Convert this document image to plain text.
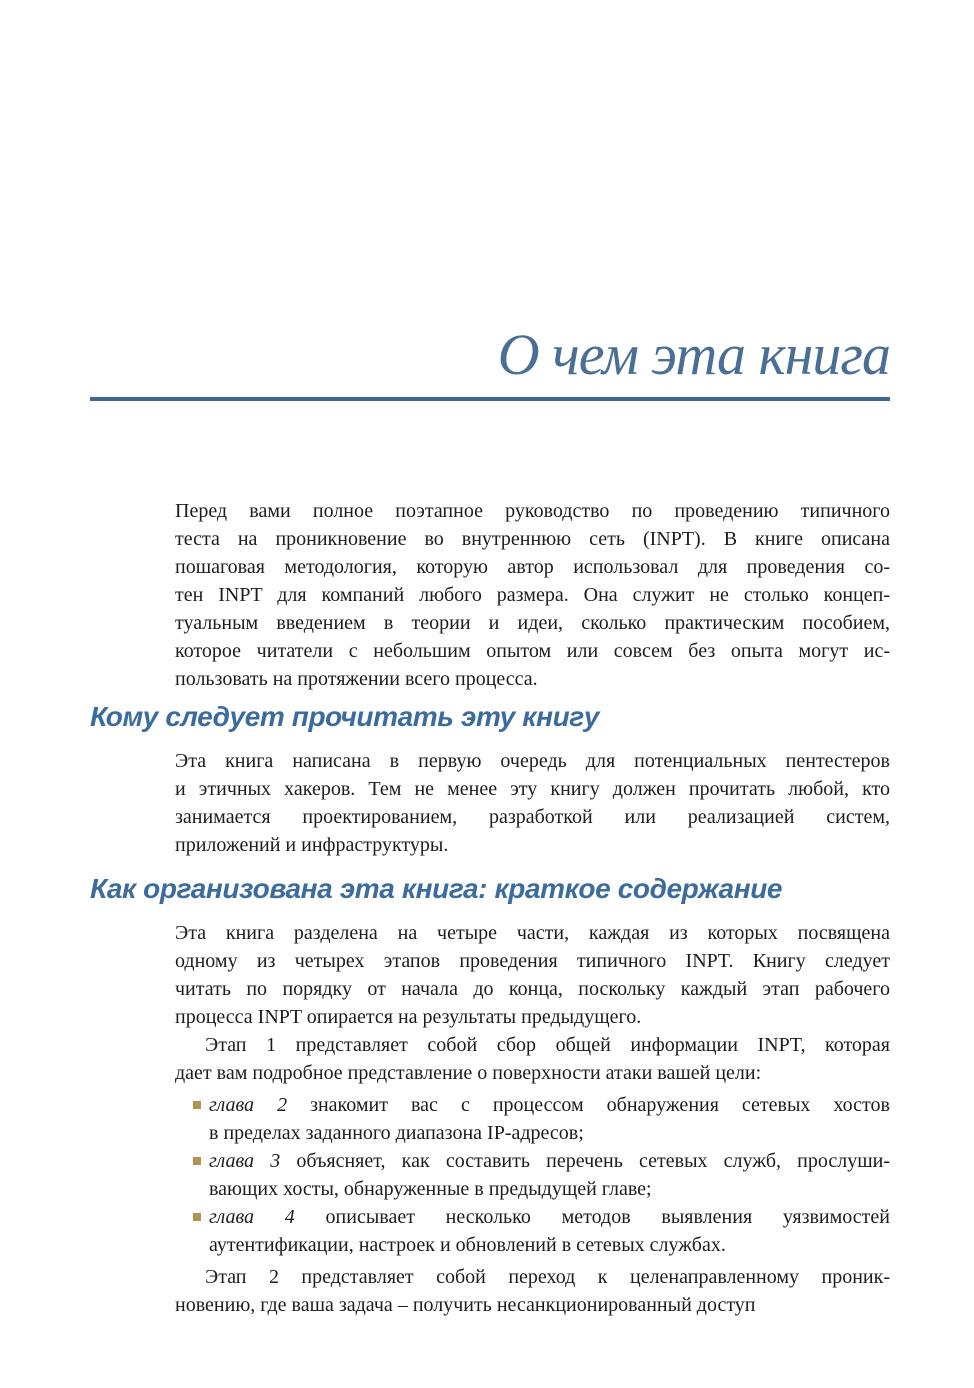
О чем эта книга
Перед вами полное поэтапное руководство по проведению типичного
теста на проникновение во внутреннюю сеть (INPT). В книге описана
пошаговая методология, которую автор использовал для проведения со-
тен INPT для компаний любого размера. Она служит не столько концеп-
туальным введением в теории и идеи, сколько практическим пособием,
которое читатели с небольшим опытом или совсем без опыта могут ис-
пользовать на протяжении всего процесса.
Кому следует прочитать эту книгу
Эта книга написана в первую очередь для потенциальных пентестеров
и этичных хакеров. Тем не менее эту книгу должен прочитать любой, кто
занимается проектированием, разработкой или реализацией систем,
приложений и инфраструктуры.
Как организована эта книга: краткое содержание
Эта книга разделена на четыре части, каждая из которых посвящена
одному из четырех этапов проведения типичного INPT. Книгу следует
читать по порядку от начала до конца, поскольку каждый этап рабочего
процесса INPT опирается на результаты предыдущего.
Этап 1 представляет собой сбор общей информации INPT, которая
дает вам подробное представление о поверхности атаки вашей цели:
глава 2 знакомит вас с процессом обнаружения сетевых хостов
в пределах заданного диапазона IP-адресов;
глава 3 объясняет, как составить перечень сетевых служб, прослуши-
вающих хосты, обнаруженные в предыдущей главе;
глава 4 описывает несколько методов выявления уязвимостей
аутентификации, настроек и обновлений в сетевых службах.
Этап 2 представляет собой переход к целенаправленному проник-
новению, где ваша задача – получить несанкционированный доступ
